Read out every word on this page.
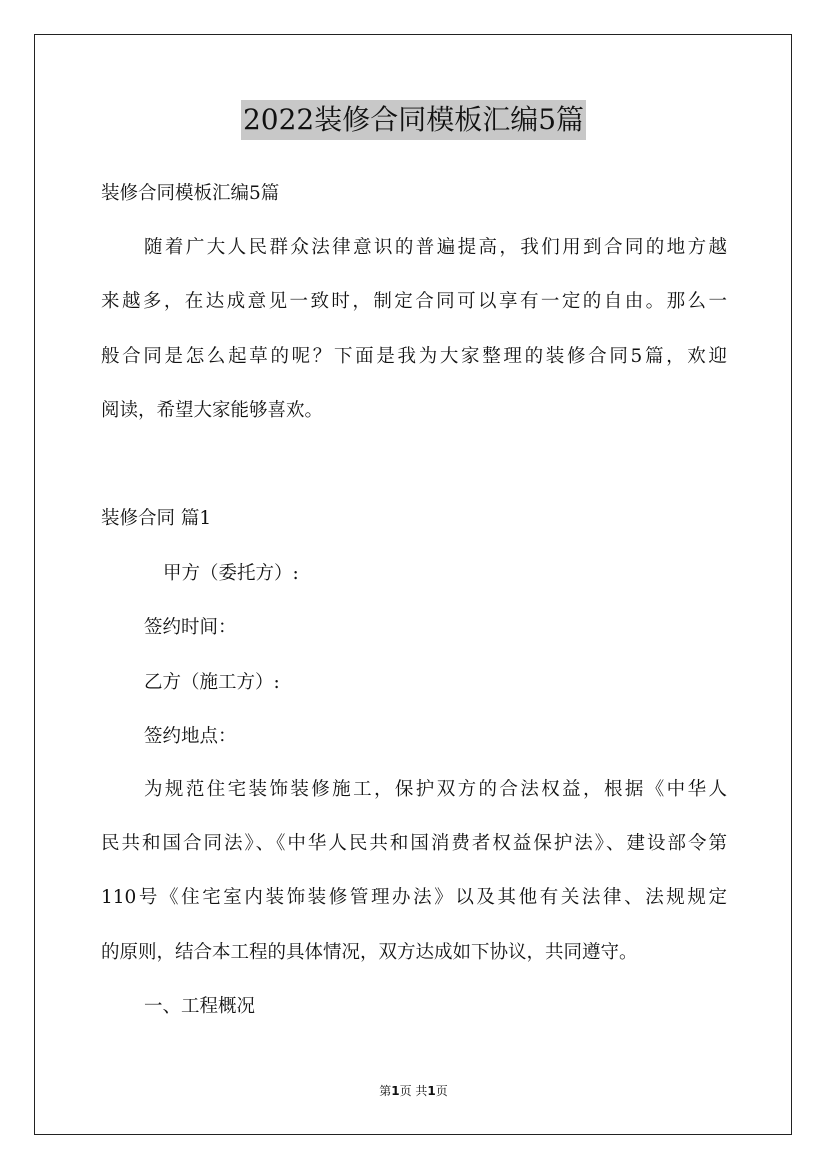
2022装修合同模板汇编5篇
装修合同模板汇编5篇
随着广大人民群众法律意识的普遍提高，我们用到合同的地方越
来越多，在达成意见一致时，制定合同可以享有一定的自由。那么一
般合同是怎么起草的呢？下面是我为大家整理的装修合同5篇，欢迎
阅读，希望大家能够喜欢。
装修合同 篇1
甲方（委托方）:
签约时间：
乙方（施工方）:
签约地点：
为规范住宅装饰装修施工，保护双方的合法权益，根据《中华人
民共和国合同法》、《中华人民共和国消费者权益保护法》、建设部令第
110号《住宅室内装饰装修管理办法》以及其他有关法律、法规规定
的原则，结合本工程的具体情况，双方达成如下协议，共同遵守。
一、工程概况
第1页 共1页
